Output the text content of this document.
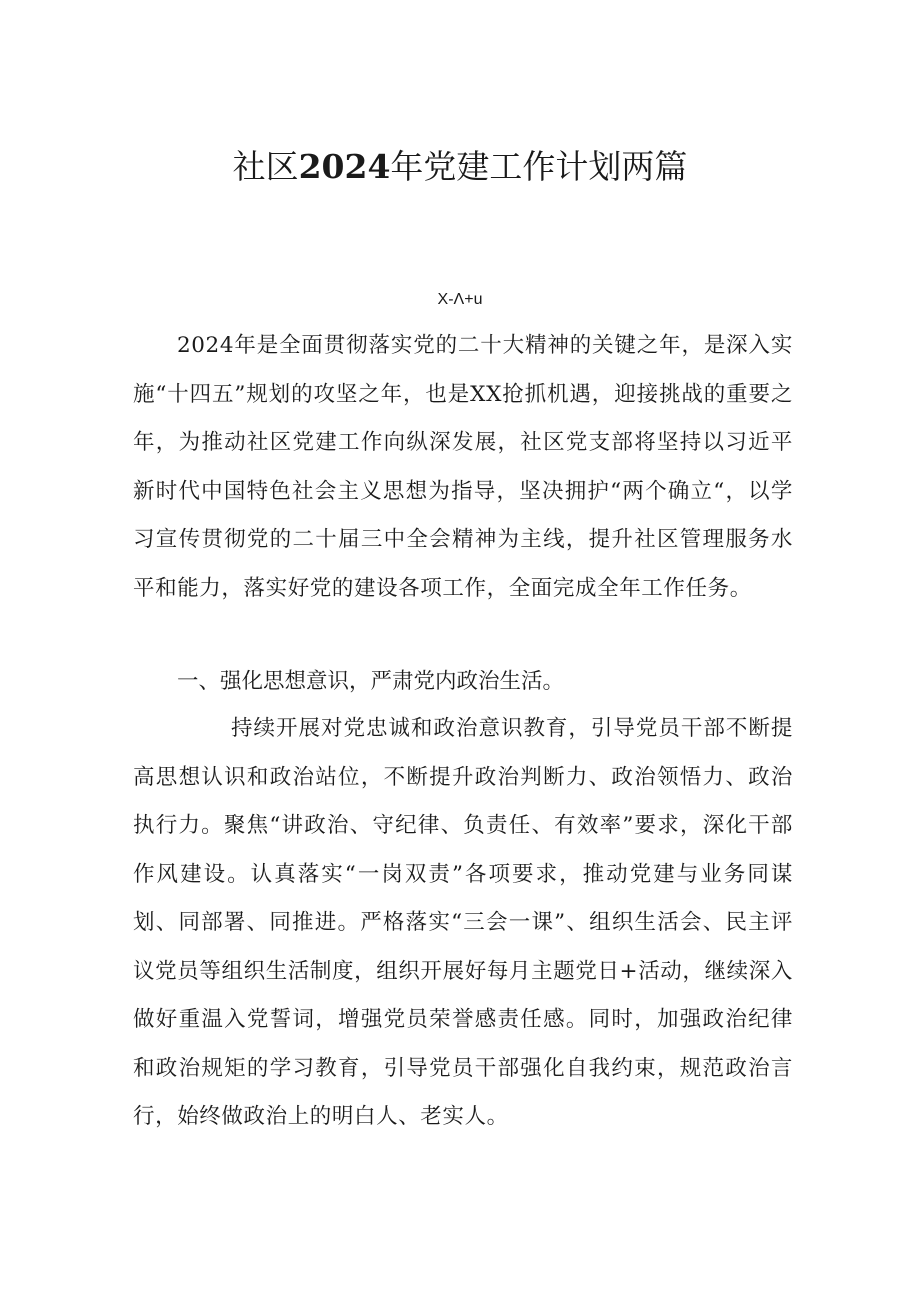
社区2024年党建工作计划两篇
X-Λ+u

2024年是全面贯彻落实党的二十大精神的关键之年，是深入实施“十四五”规划的攻坚之年，也是XX抢抓机遇，迎接挑战的重要之年，为推动社区党建工作向纵深发展，社区党支部将坚持以习近平新时代中国特色社会主义思想为指导，坚决拥护“两个确立“，以学习宣传贯彻党的二十届三中全会精神为主线，提升社区管理服务水平和能力，落实好党的建设各项工作，全面完成全年工作任务。

一、强化思想意识，严肃党内政治生活。

持续开展对党忠诚和政治意识教育，引导党员干部不断提高思想认识和政治站位，不断提升政治判断力、政治领悟力、政治执行力。聚焦“讲政治、守纪律、负责任、有效率”要求，深化干部作风建设。认真落实“一岗双责”各项要求，推动党建与业务同谋划、同部署、同推进。严格落实“三会一课”、组织生活会、民主评议党员等组织生活制度，组织开展好每月主题党日+活动，继续深入做好重温入党誓词，增强党员荣誉感责任感。同时，加强政治纪律和政治规矩的学习教育，引导党员干部强化自我约束，规范政治言行，始终做政治上的明白人、老实人。
